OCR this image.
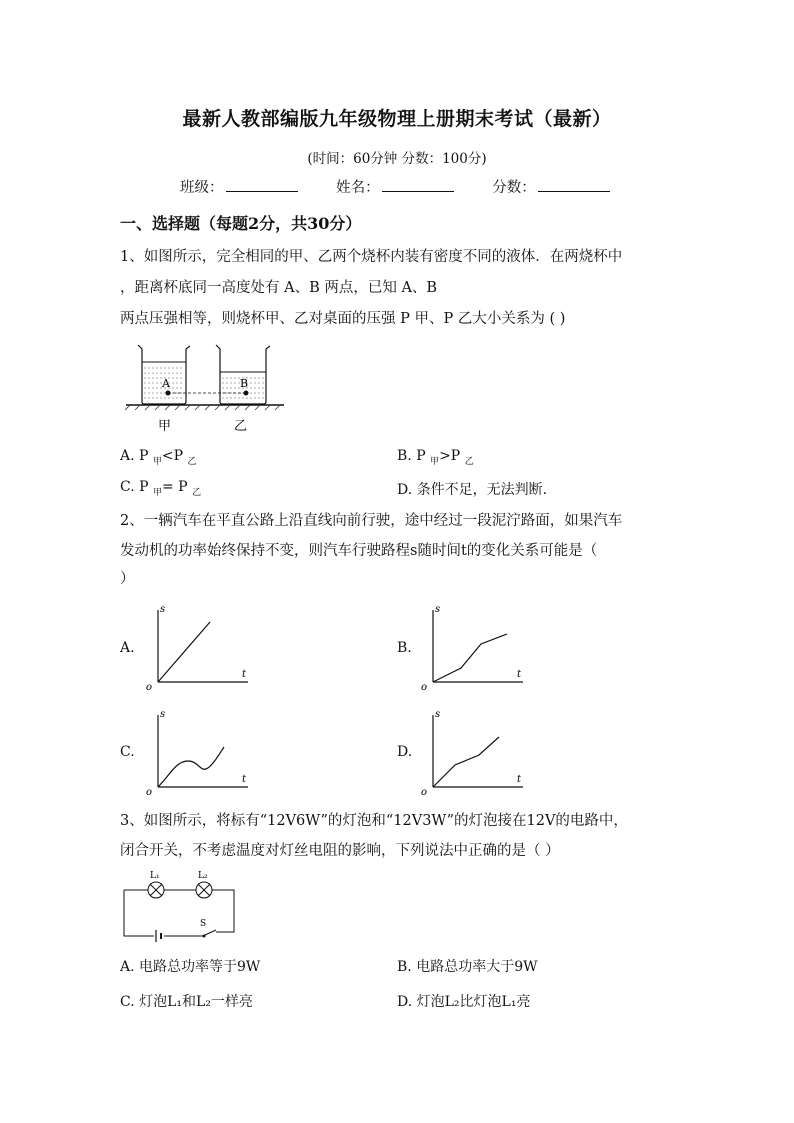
最新人教部编版九年级物理上册期末考试（最新）
(时间：60分钟 分数：100分)
班级：	姓名：	分数：
一、选择题（每题2分，共30分）
1、如图所示，完全相同的甲、乙两个烧杯内装有密度不同的液体．在两烧杯中
，距离杯底同一高度处有 A、B 两点，已知 A、B
两点压强相等，则烧杯甲、乙对桌面的压强 P 甲、P 乙大小关系为 ( )
A	B
甲	乙
A. P $_甲$<P $_乙$	B. P $_甲$>P $_乙$
C. P $_甲$= P $_乙$	D. 条件不足，无法判断.
2、一辆汽车在平直公路上沿直线向前行驶，途中经过一段泥泞路面，如果汽车
发动机的功率始终保持不变，则汽车行驶路程s随时间t的变化关系可能是（
）
A.	B.
C.	D.
s
t
o
s
t
o
s
t
o
s
t
o
3、如图所示，将标有“12V6W”的灯泡和“12V3W”的灯泡接在12V的电路中，
闭合开关，不考虑温度对灯丝电阻的影响，下列说法中正确的是（ ）
L₁	L₂
S
A. 电路总功率等于9W	B. 电路总功率大于9W
C. 灯泡L₁和L₂一样亮	D. 灯泡L₂比灯泡L₁亮
